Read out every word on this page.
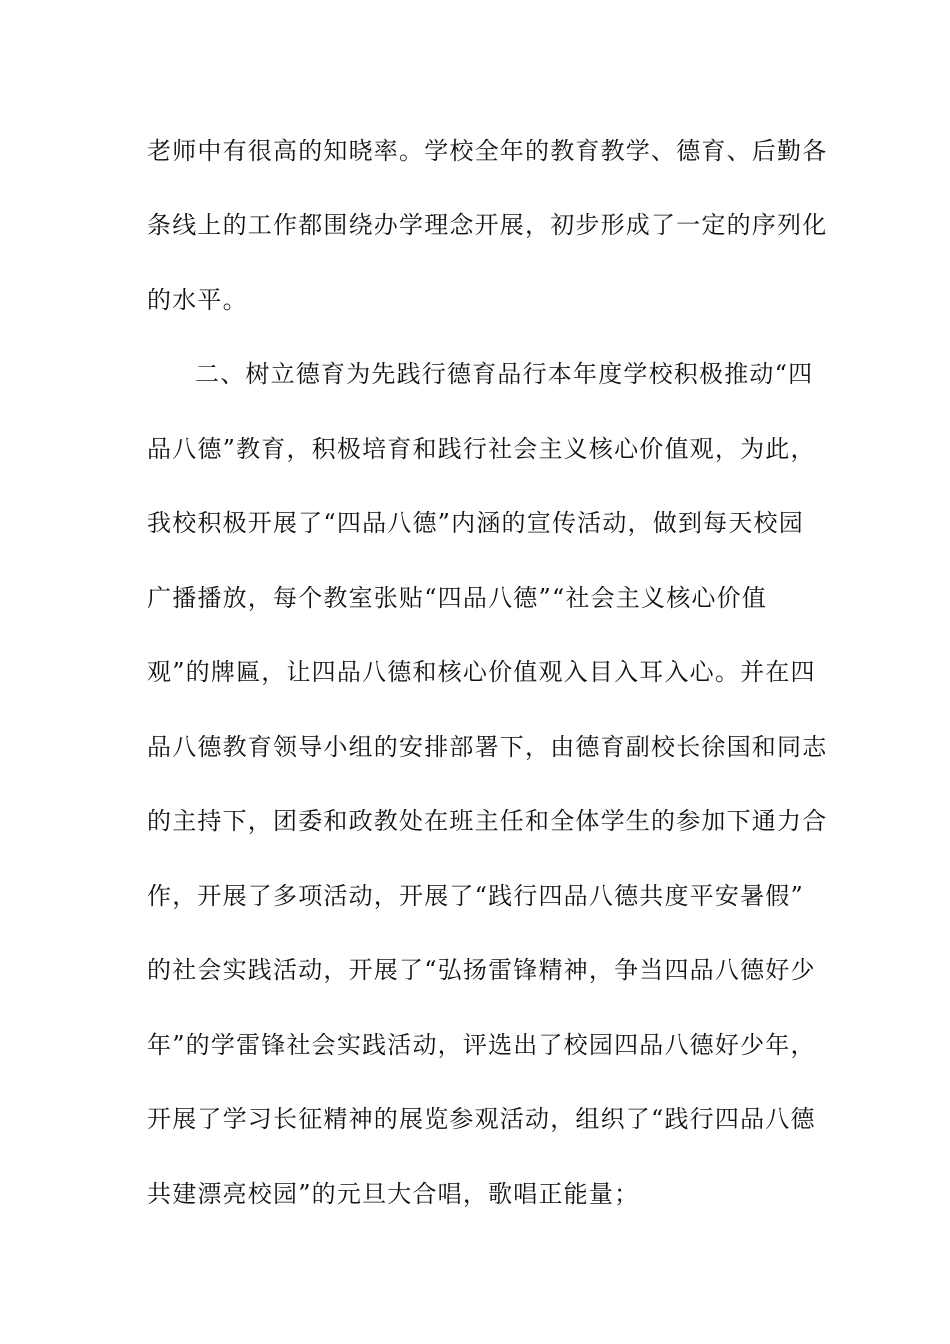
老师中有很高的知晓率。学校全年的教育教学、德育、后勤各
条线上的工作都围绕办学理念开展，初步形成了一定的序列化
的水平。
二、树立德育为先践行德育品行本年度学校积极推动“四
品八德”教育，积极培育和践行社会主义核心价值观，为此，
我校积极开展了“四品八德”内涵的宣传活动，做到每天校园
广播播放，每个教室张贴“四品八德”“社会主义核心价值
观”的牌匾，让四品八德和核心价值观入目入耳入心。并在四
品八德教育领导小组的安排部署下，由德育副校长徐国和同志
的主持下，团委和政教处在班主任和全体学生的参加下通力合
作，开展了多项活动，开展了“践行四品八德共度平安暑假”
的社会实践活动，开展了“弘扬雷锋精神，争当四品八德好少
年”的学雷锋社会实践活动，评选出了校园四品八德好少年，
开展了学习长征精神的展览参观活动，组织了“践行四品八德
共建漂亮校园”的元旦大合唱，歌唱正能量；
